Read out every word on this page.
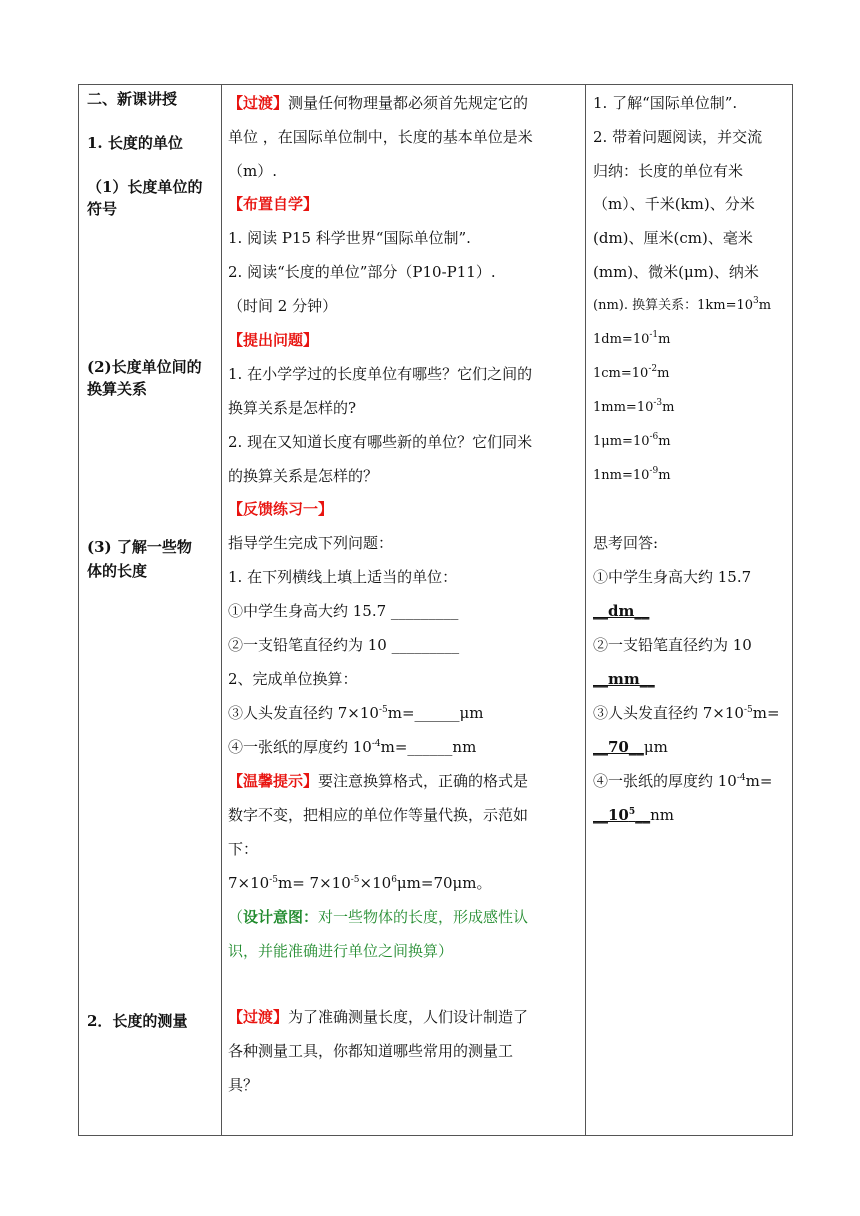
二、新课讲授
1. 长度的单位
（1）长度单位的
符号
(2)长度单位间的
换算关系
(3) 了解一些物
体的长度
2．长度的测量
【过渡】测量任何物理量都必须首先规定它的
单位 ，在国际单位制中，长度的基本单位是米
（m）.
【布置自学】
1. 阅读 P15 科学世界“国际单位制”.
2. 阅读“长度的单位”部分（P10-P11）.
（时间 2 分钟）
【提出问题】
1. 在小学学过的长度单位有哪些？它们之间的
换算关系是怎样的?
2. 现在又知道长度有哪些新的单位？它们同米
的换算关系是怎样的？
【反馈练习一】
指导学生完成下列问题：
1. 在下列横线上填上适当的单位：
①中学生身高大约 15.7 _________
②一支铅笔直径约为 10 _________
2、完成单位换算：
③人头发直径约 $7\times 10^{-5}m=\_\_\_\_\_\_\mu m$
④一张纸的厚度约 $10^{-4}m=\_\_\_\_\_\_nm$
【温馨提示】要注意换算格式，正确的格式是
数字不变，把相应的单位作等量代换，示范如
下：
$7\times 10^{-5}m= 7\times 10^{-5}\times 10^6\mu m=70\mu m$。
（设计意图：对一些物体的长度，形成感性认
识，并能准确进行单位之间换算）
【过渡】为了准确测量长度，人们设计制造了
各种测量工具，你都知道哪些常用的测量工
具？
1. 了解“国际单位制”.
2. 带着问题阅读，并交流
归纳：长度的单位有米
（m）、千米(km)、分米
(dm)、厘米(cm)、毫米
(mm)、微米(μm)、纳米
(nm). 换算关系：$1km=10^3m$
$1dm=10^{-1}m$
$1cm=10^{-2}m$
$1mm=10^{-3}m$
$1\mu m=10^{-6}m$
$1nm=10^{-9}m$
思考回答:
①中学生身高大约 15.7
__dm__
②一支铅笔直径约为 10
__mm__
③人头发直径约 $7\times 10^{-5}m=$
__70__μm
④一张纸的厚度约 $10^{-4}m=$
$\_\_10^5\_\_nm$
